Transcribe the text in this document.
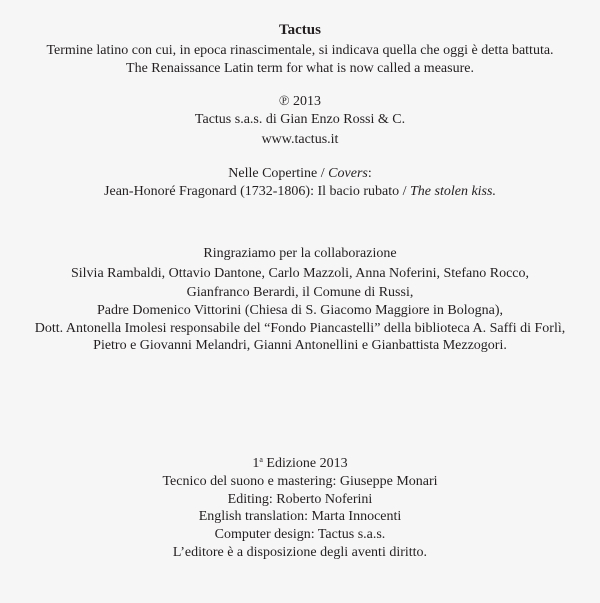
Tactus
Termine latino con cui, in epoca rinascimentale, si indicava quella che oggi è detta battuta.
The Renaissance Latin term for what is now called a measure.
℗ 2013
Tactus s.a.s. di Gian Enzo Rossi & C.
www.tactus.it
Nelle Copertine / Covers:
Jean-Honoré Fragonard (1732-1806): Il bacio rubato / The stolen kiss.
Ringraziamo per la collaborazione
Silvia Rambaldi, Ottavio Dantone, Carlo Mazzoli, Anna Noferini, Stefano Rocco,
Gianfranco Berardi, il Comune di Russi,
Padre Domenico Vittorini (Chiesa di S. Giacomo Maggiore in Bologna),
Dott. Antonella Imolesi responsabile del “Fondo Piancastelli” della biblioteca A. Saffi di Forlì,
Pietro e Giovanni Melandri, Gianni Antonellini e Gianbattista Mezzogori.
1$^a$ Edizione 2013
Tecnico del suono e mastering: Giuseppe Monari
Editing: Roberto Noferini
English translation: Marta Innocenti
Computer design: Tactus s.a.s.
L’editore è a disposizione degli aventi diritto.
